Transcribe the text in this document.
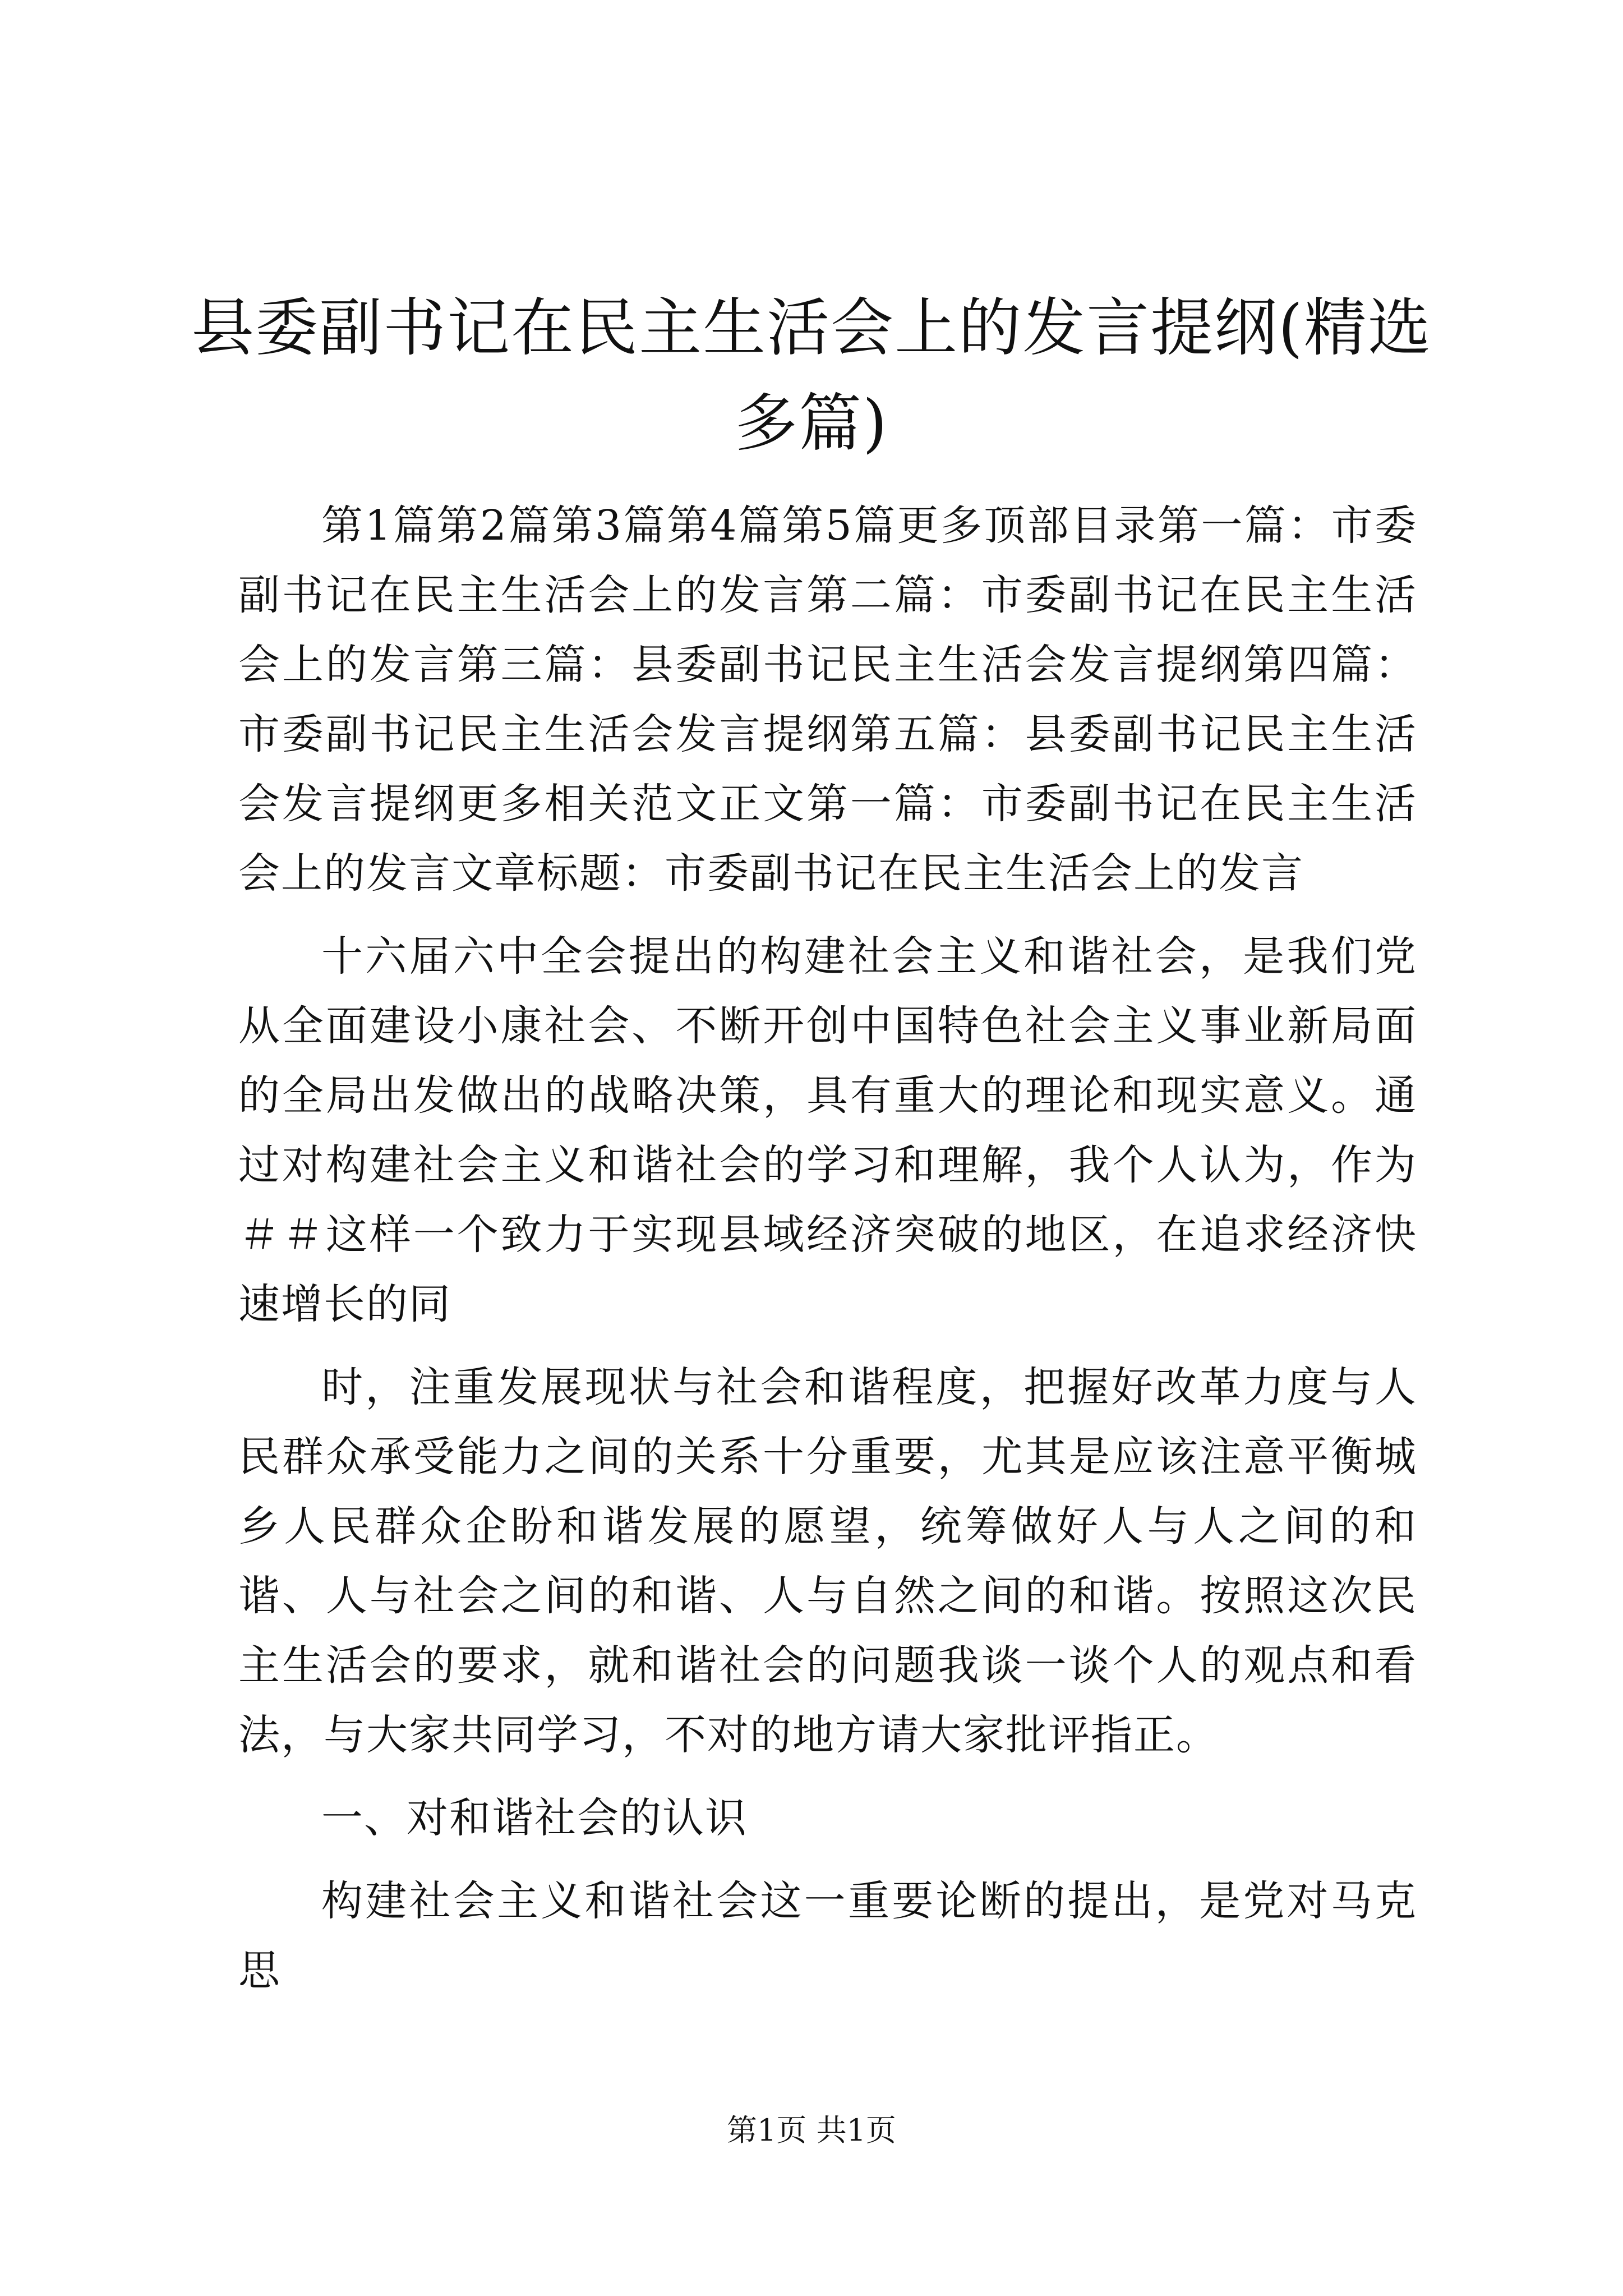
县委副书记在民主生活会上的发言提纲(精选多篇)

第1篇第2篇第3篇第4篇第5篇更多顶部目录第一篇：市委副书记在民主生活会上的发言第二篇：市委副书记在民主生活会上的发言第三篇：县委副书记民主生活会发言提纲第四篇：市委副书记民主生活会发言提纲第五篇：县委副书记民主生活会发言提纲更多相关范文正文第一篇：市委副书记在民主生活会上的发言文章标题：市委副书记在民主生活会上的发言

十六届六中全会提出的构建社会主义和谐社会，是我们党从全面建设小康社会、不断开创中国特色社会主义事业新局面的全局出发做出的战略决策，具有重大的理论和现实意义。通过对构建社会主义和谐社会的学习和理解，我个人认为，作为＃＃这样一个致力于实现县域经济突破的地区，在追求经济快速增长的同

时，注重发展现状与社会和谐程度，把握好改革力度与人民群众承受能力之间的关系十分重要，尤其是应该注意平衡城乡人民群众企盼和谐发展的愿望，统筹做好人与人之间的和谐、人与社会之间的和谐、人与自然之间的和谐。按照这次民主生活会的要求，就和谐社会的问题我谈一谈个人的观点和看法，与大家共同学习，不对的地方请大家批评指正。

一、对和谐社会的认识

构建社会主义和谐社会这一重要论断的提出，是党对马克思

第1页 共1页
